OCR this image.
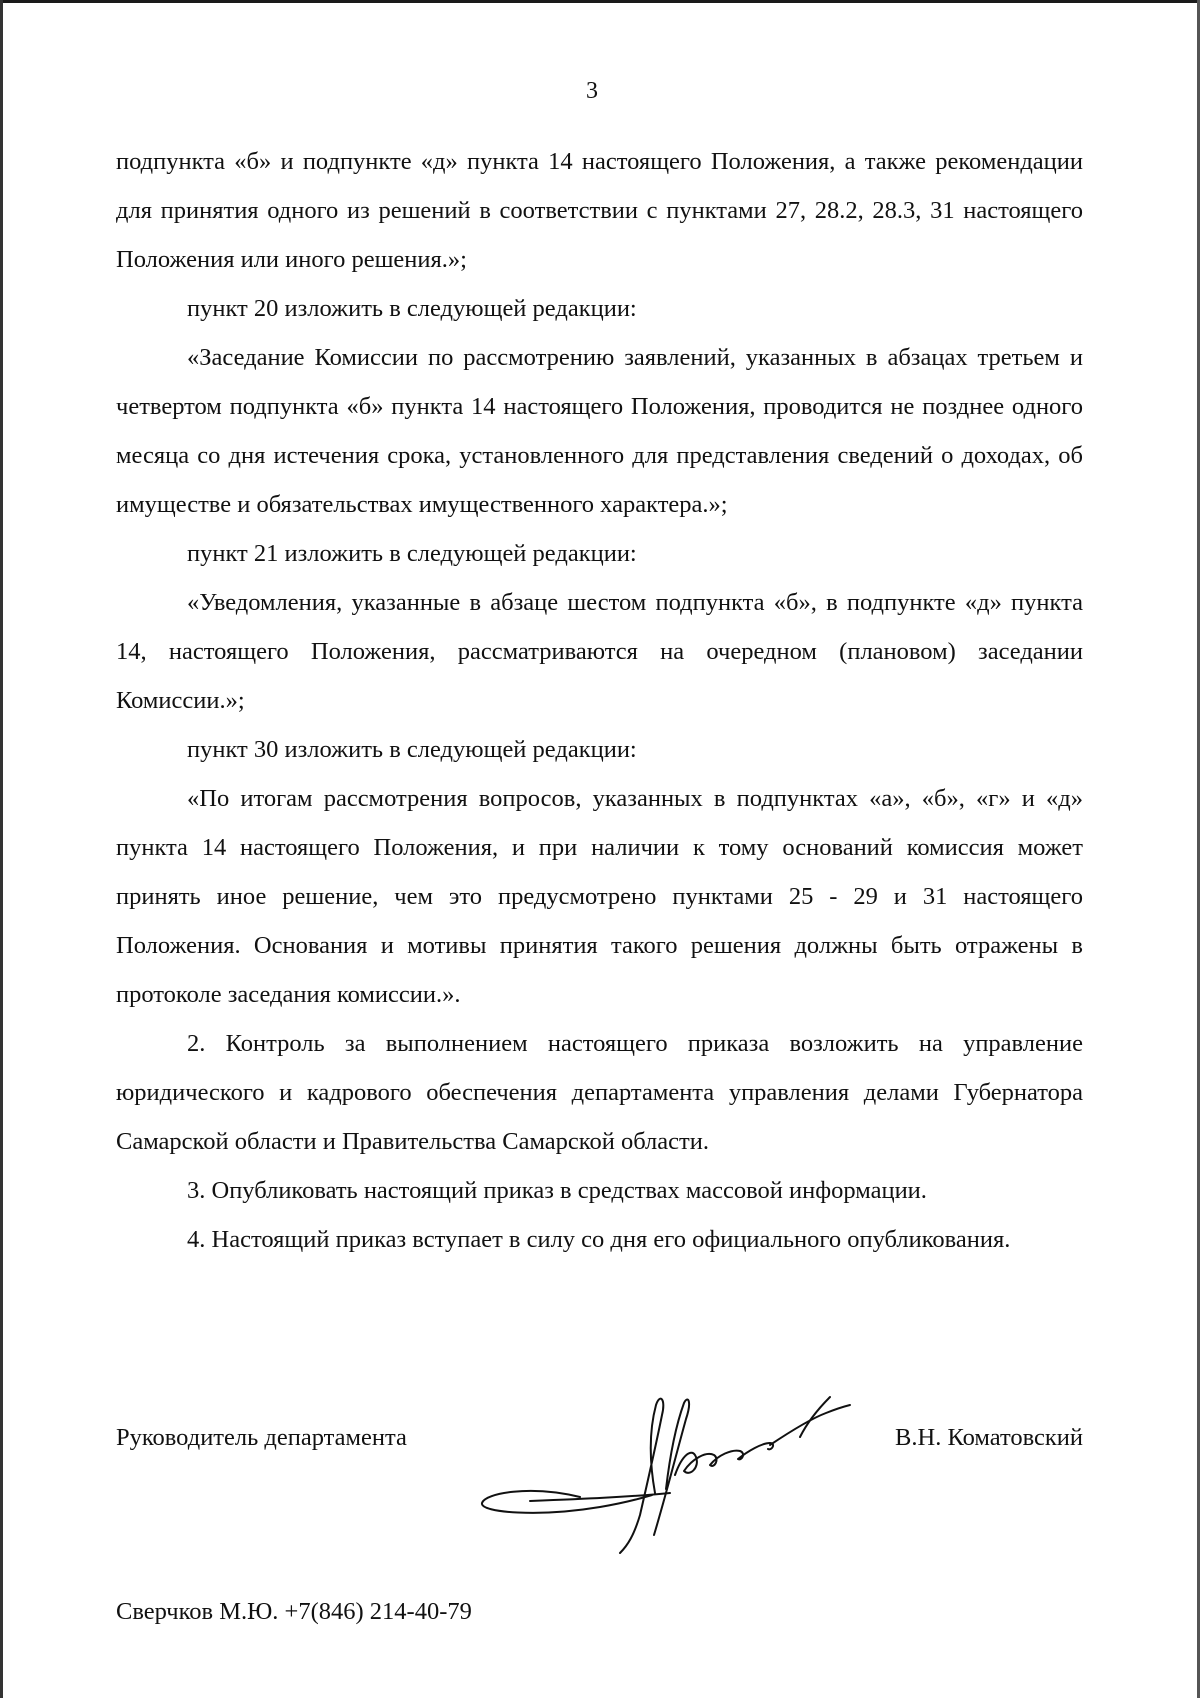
3

подпункта «б» и подпункте «д» пункта 14 настоящего Положения, а также рекомендации для принятия одного из решений в соответствии с пунктами 27, 28.2, 28.3, 31 настоящего Положения или иного решения.»;

пункт 20 изложить в следующей редакции:

«Заседание Комиссии по рассмотрению заявлений, указанных в абзацах третьем и четвертом подпункта «б» пункта 14 настоящего Положения, проводится не позднее одного месяца со дня истечения срока, установленного для представления сведений о доходах, об имуществе и обязательствах имущественного характера.»;

пункт 21 изложить в следующей редакции:

«Уведомления, указанные в абзаце шестом подпункта «б», в подпункте «д» пункта 14, настоящего Положения, рассматриваются на очередном (плановом) заседании Комиссии.»;

пункт 30 изложить в следующей редакции:

«По итогам рассмотрения вопросов, указанных в подпунктах «а», «б», «г» и «д» пункта 14 настоящего Положения, и при наличии к тому оснований комиссия может принять иное решение, чем это предусмотрено пунктами 25 - 29 и 31 настоящего Положения. Основания и мотивы принятия такого решения должны быть отражены в протоколе заседания комиссии.».

2. Контроль за выполнением настоящего приказа возложить на управление юридического и кадрового обеспечения департамента управления делами Губернатора Самарской области и Правительства Самарской области.

3. Опубликовать настоящий приказ в средствах массовой информации.

4. Настоящий приказ вступает в силу со дня его официального опубликования.

Руководитель департамента	В.Н. Коматовский
Сверчков М.Ю. +7(846) 214-40-79
